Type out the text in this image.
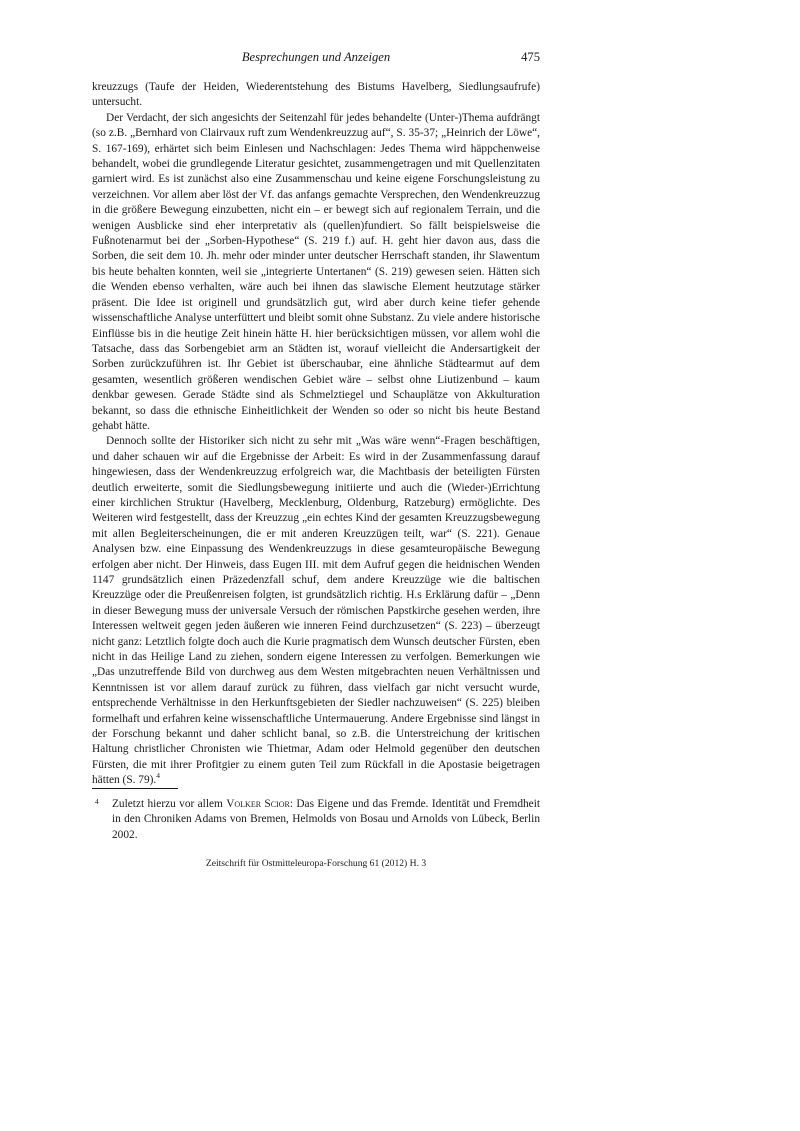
Besprechungen und Anzeigen	475

kreuzzugs (Taufe der Heiden, Wiederentstehung des Bistums Havelberg, Siedlungsaufrufe) untersucht.

Der Verdacht, der sich angesichts der Seitenzahl für jedes behandelte (Unter-)Thema aufdrängt (so z.B. „Bernhard von Clairvaux ruft zum Wendenkreuzzug auf“, S. 35-37; „Heinrich der Löwe“, S. 167-169), erhärtet sich beim Einlesen und Nachschlagen: Jedes Thema wird häppchenweise behandelt, wobei die grundlegende Literatur gesichtet, zusammengetragen und mit Quellenzitaten garniert wird. Es ist zunächst also eine Zusammenschau und keine eigene Forschungsleistung zu verzeichnen. Vor allem aber löst der Vf. das anfangs gemachte Versprechen, den Wendenkreuzzug in die größere Bewegung einzubetten, nicht ein – er bewegt sich auf regionalem Terrain, und die wenigen Ausblicke sind eher interpretativ als (quellen)fundiert. So fällt beispielsweise die Fußnotenarmut bei der „Sorben-Hypothese“ (S. 219 f.) auf. H. geht hier davon aus, dass die Sorben, die seit dem 10. Jh. mehr oder minder unter deutscher Herrschaft standen, ihr Slawentum bis heute behalten konnten, weil sie „integrierte Untertanen“ (S. 219) gewesen seien. Hätten sich die Wenden ebenso verhalten, wäre auch bei ihnen das slawische Element heutzutage stärker präsent. Die Idee ist originell und grundsätzlich gut, wird aber durch keine tiefer gehende wissenschaftliche Analyse unterfüttert und bleibt somit ohne Substanz. Zu viele andere historische Einflüsse bis in die heutige Zeit hinein hätte H. hier berücksichtigen müssen, vor allem wohl die Tatsache, dass das Sorbengebiet arm an Städten ist, worauf vielleicht die Andersartigkeit der Sorben zurückzuführen ist. Ihr Gebiet ist überschaubar, eine ähnliche Städtearmut auf dem gesamten, wesentlich größeren wendischen Gebiet wäre – selbst ohne Liutizenbund – kaum denkbar gewesen. Gerade Städte sind als Schmelztiegel und Schauplätze von Akkulturation bekannt, so dass die ethnische Einheitlichkeit der Wenden so oder so nicht bis heute Bestand gehabt hätte.

Dennoch sollte der Historiker sich nicht zu sehr mit „Was wäre wenn“-Fragen beschäftigen, und daher schauen wir auf die Ergebnisse der Arbeit: Es wird in der Zusammenfassung darauf hingewiesen, dass der Wendenkreuzzug erfolgreich war, die Machtbasis der beteiligten Fürsten deutlich erweiterte, somit die Siedlungsbewegung initiierte und auch die (Wieder-)Errichtung einer kirchlichen Struktur (Havelberg, Mecklenburg, Oldenburg, Ratzeburg) ermöglichte. Des Weiteren wird festgestellt, dass der Kreuzzug „ein echtes Kind der gesamten Kreuzzugsbewegung mit allen Begleiterscheinungen, die er mit anderen Kreuzzügen teilt, war“ (S. 221). Genaue Analysen bzw. eine Einpassung des Wendenkreuzzugs in diese gesamteuropäische Bewegung erfolgen aber nicht. Der Hinweis, dass Eugen III. mit dem Aufruf gegen die heidnischen Wenden 1147 grundsätzlich einen Präzedenzfall schuf, dem andere Kreuzzüge wie die baltischen Kreuzzüge oder die Preußenreisen folgten, ist grundsätzlich richtig. H.s Erklärung dafür – „Denn in dieser Bewegung muss der universale Versuch der römischen Papstkirche gesehen werden, ihre Interessen weltweit gegen jeden äußeren wie inneren Feind durchzusetzen“ (S. 223) – überzeugt nicht ganz: Letztlich folgte doch auch die Kurie pragmatisch dem Wunsch deutscher Fürsten, eben nicht in das Heilige Land zu ziehen, sondern eigene Interessen zu verfolgen. Bemerkungen wie „Das unzutreffende Bild von durchweg aus dem Westen mitgebrachten neuen Verhältnissen und Kenntnissen ist vor allem darauf zurück zu führen, dass vielfach gar nicht versucht wurde, entsprechende Verhältnisse in den Herkunftsgebieten der Siedler nachzuweisen“ (S. 225) bleiben formelhaft und erfahren keine wissenschaftliche Untermauerung. Andere Ergebnisse sind längst in der Forschung bekannt und daher schlicht banal, so z.B. die Unterstreichung der kritischen Haltung christlicher Chronisten wie Thietmar, Adam oder Helmold gegenüber den deutschen Fürsten, die mit ihrer Profitgier zu einem guten Teil zum Rückfall in die Apostasie beigetragen hätten (S. 79).$^4$

4 Zuletzt hierzu vor allem Volker Scior: Das Eigene und das Fremde. Identität und Fremdheit in den Chroniken Adams von Bremen, Helmolds von Bosau und Arnolds von Lübeck, Berlin 2002.
Zeitschrift für Ostmitteleuropa-Forschung 61 (2012) H. 3
